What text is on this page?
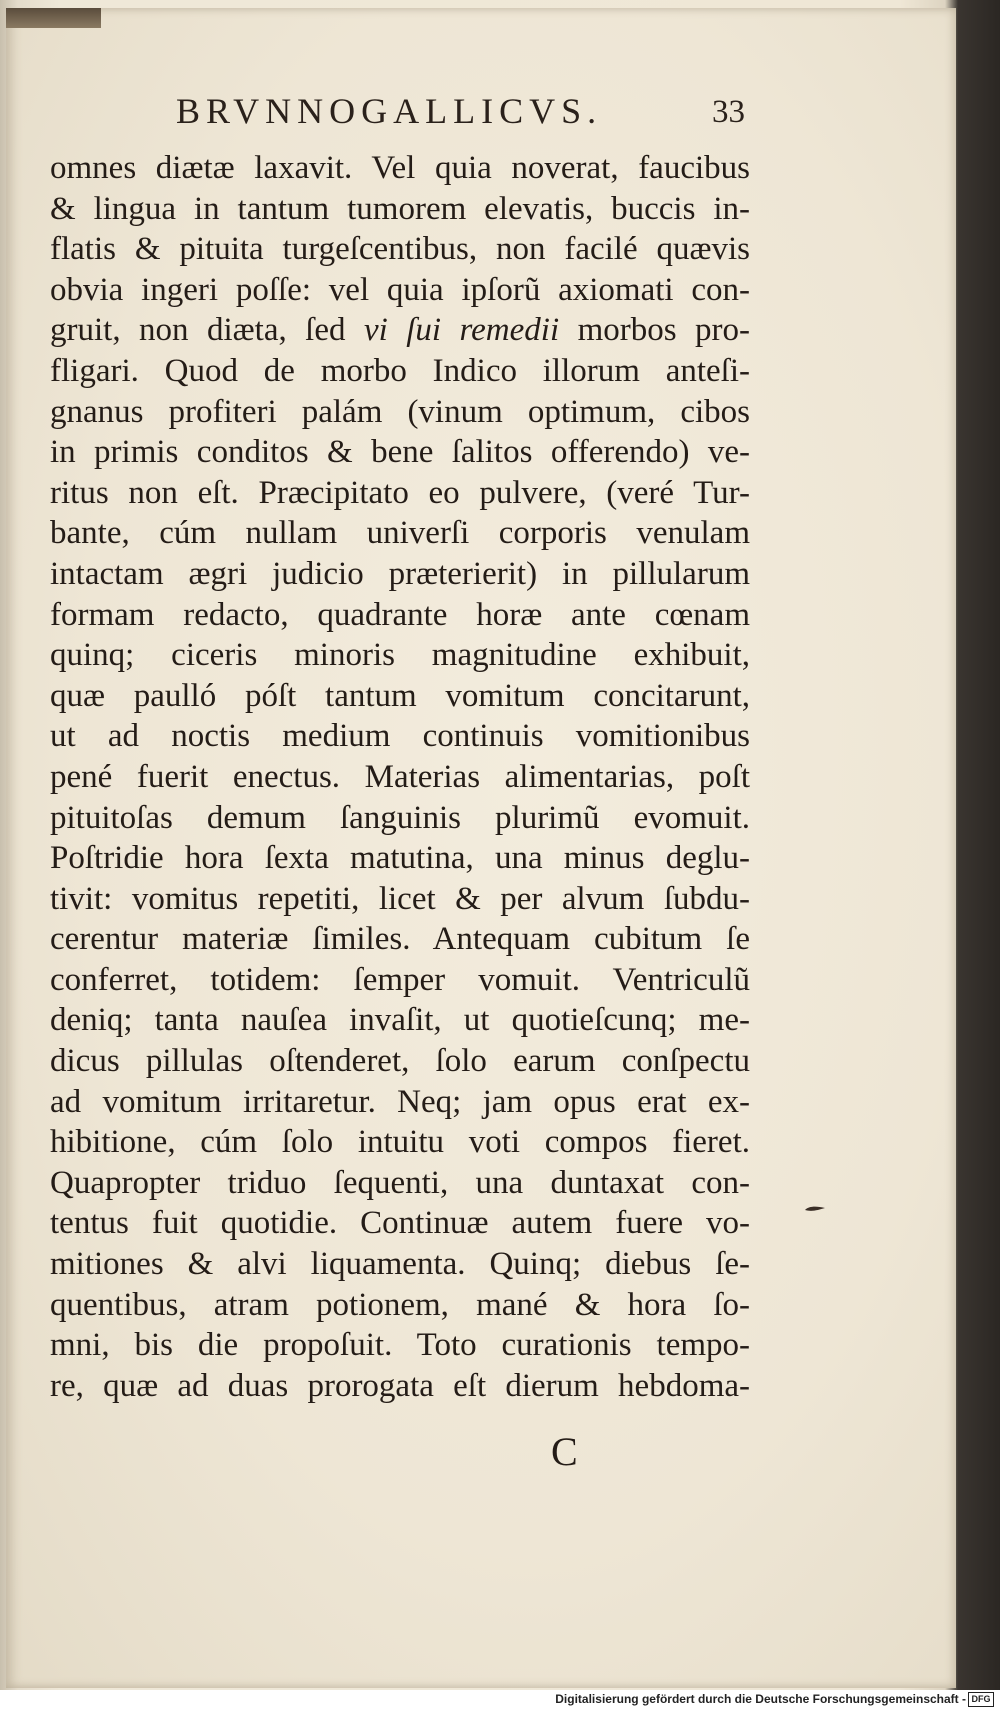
BRVNNOGALLICVS.	33
omnes diætæ laxavit. Vel quia noverat, faucibus
& lingua in tantum tumorem elevatis, buccis in-
flatis & pituita turgeſcentibus, non facilé quævis
obvia ingeri poſſe: vel quia ipſorũ axiomati con-
gruit, non diæta, ſed vi ſui remedii morbos pro-
fligari. Quod de morbo Indico illorum anteſi-
gnanus profiteri palám (vinum optimum, cibos
in primis conditos & bene ſalitos offerendo) ve-
ritus non eſt. Præcipitato eo pulvere, (veré Tur-
bante, cúm nullam univerſi corporis venulam
intactam ægri judicio præterierit) in pillularum
formam redacto, quadrante horæ ante cœnam
quinq; ciceris minoris magnitudine exhibuit,
quæ paulló póſt tantum vomitum concitarunt,
ut ad noctis medium continuis vomitionibus
pené fuerit enectus. Materias alimentarias, poſt
pituitoſas demum ſanguinis plurimũ evomuit.
Poſtridie hora ſexta matutina, una minus deglu-
tivit: vomitus repetiti, licet & per alvum ſubdu-
cerentur materiæ ſimiles. Antequam cubitum ſe
conferret, totidem: ſemper vomuit. Ventriculũ
deniq; tanta nauſea invaſit, ut quotieſcunq; me-
dicus pillulas oſtenderet, ſolo earum conſpectu
ad vomitum irritaretur. Neq; jam opus erat ex-
hibitione, cúm ſolo intuitu voti compos fieret.
Quapropter triduo ſequenti, una duntaxat con-
tentus fuit quotidie. Continuæ autem fuere vo-
mitiones & alvi liquamenta. Quinq; diebus ſe-
quentibus, atram potionem, mané & hora ſo-
mni, bis die propoſuit. Toto curationis tempo-
re, quæ ad duas prorogata eſt dierum hebdoma-
C
Digitalisierung gefördert durch die Deutsche Forschungsgemeinschaft - DFG
